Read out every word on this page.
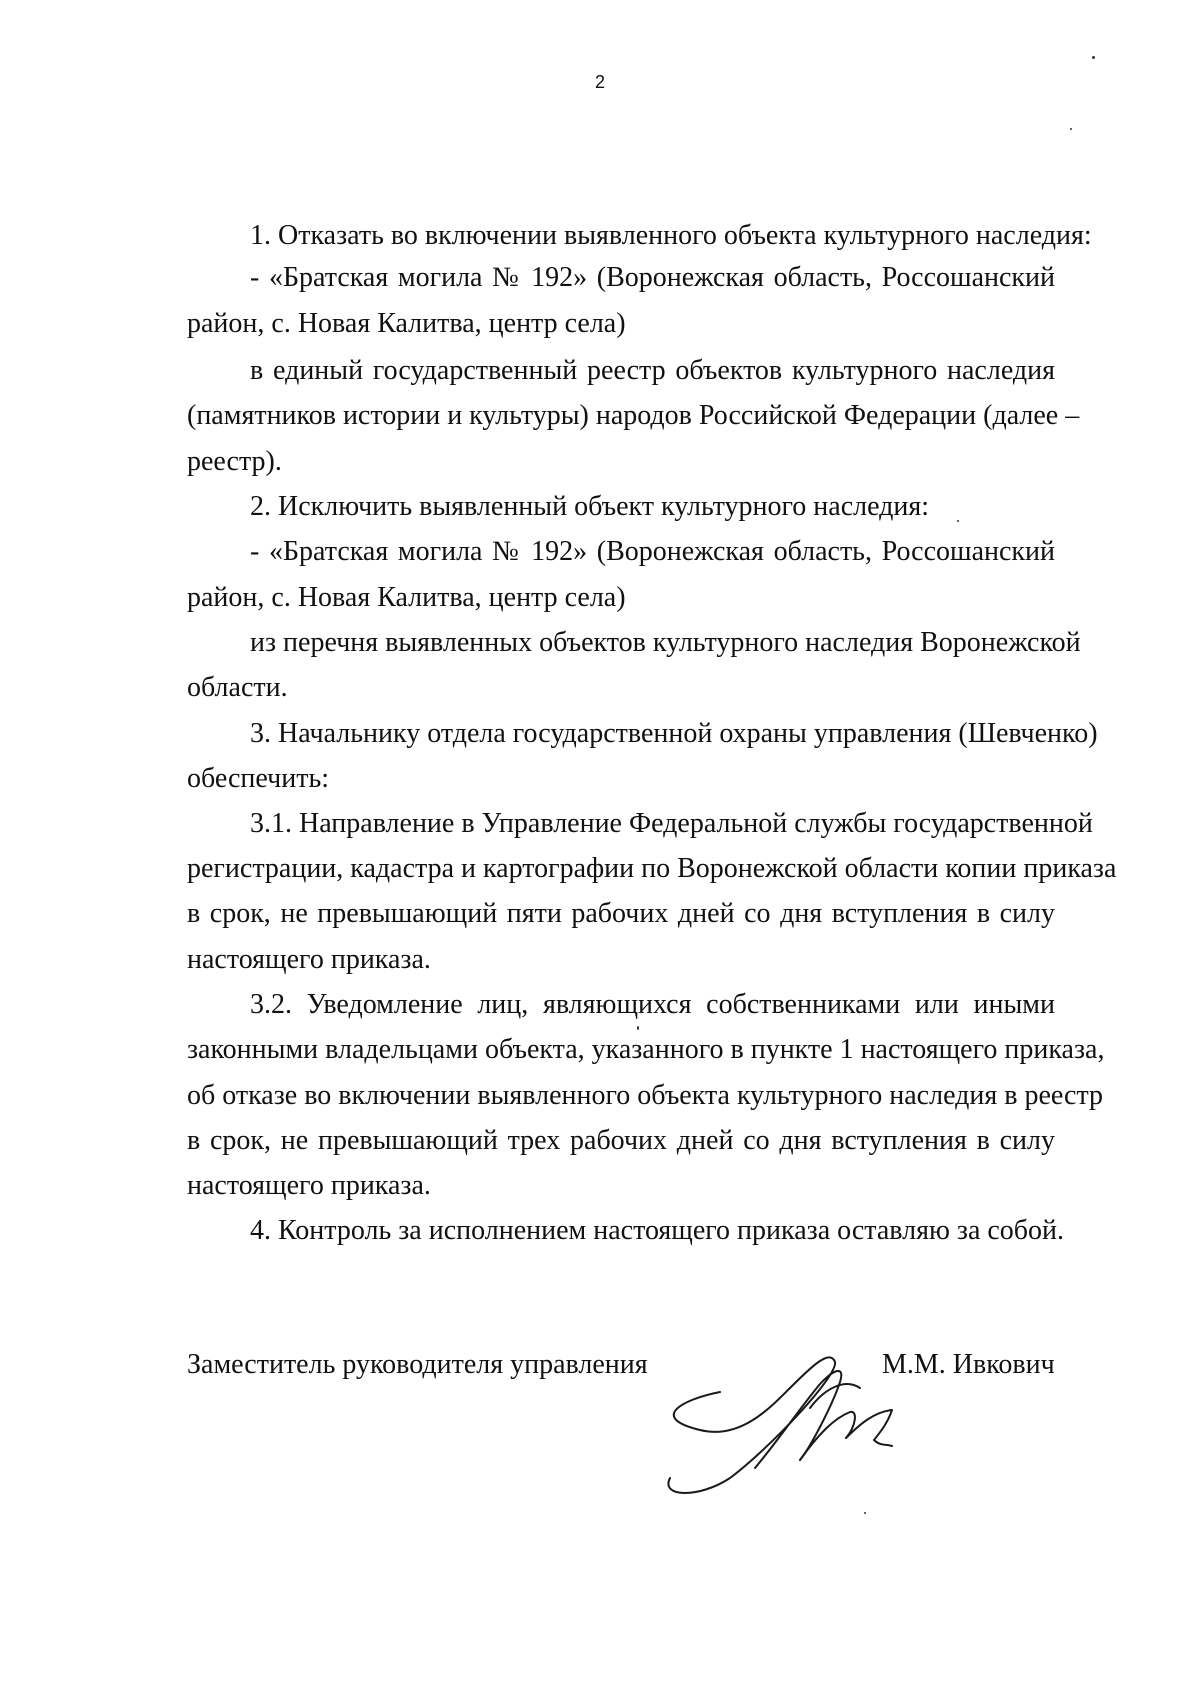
2
1. Отказать во включении выявленного объекта культурного наследия:
- «Братская могила № 192» (Воронежская область, Россошанский
район, с. Новая Калитва, центр села)
в единый государственный реестр объектов культурного наследия
(памятников истории и культуры) народов Российской Федерации (далее –
реестр).
2. Исключить выявленный объект культурного наследия:
- «Братская могила № 192» (Воронежская область, Россошанский
район, с. Новая Калитва, центр села)
из перечня выявленных объектов культурного наследия Воронежской
области.
3. Начальнику отдела государственной охраны управления (Шевченко)
обеспечить:
3.1. Направление в Управление Федеральной службы государственной
регистрации, кадастра и картографии по Воронежской области копии приказа
в срок, не превышающий пяти рабочих дней со дня вступления в силу
настоящего приказа.
3.2. Уведомление лиц, являющихся собственниками или иными
законными владельцами объекта, указанного в пункте 1 настоящего приказа,
об отказе во включении выявленного объекта культурного наследия в реестр
в срок, не превышающий трех рабочих дней со дня вступления в силу
настоящего приказа.
4. Контроль за исполнением настоящего приказа оставляю за собой.
Заместитель руководителя управления	М.М. Ивкович
